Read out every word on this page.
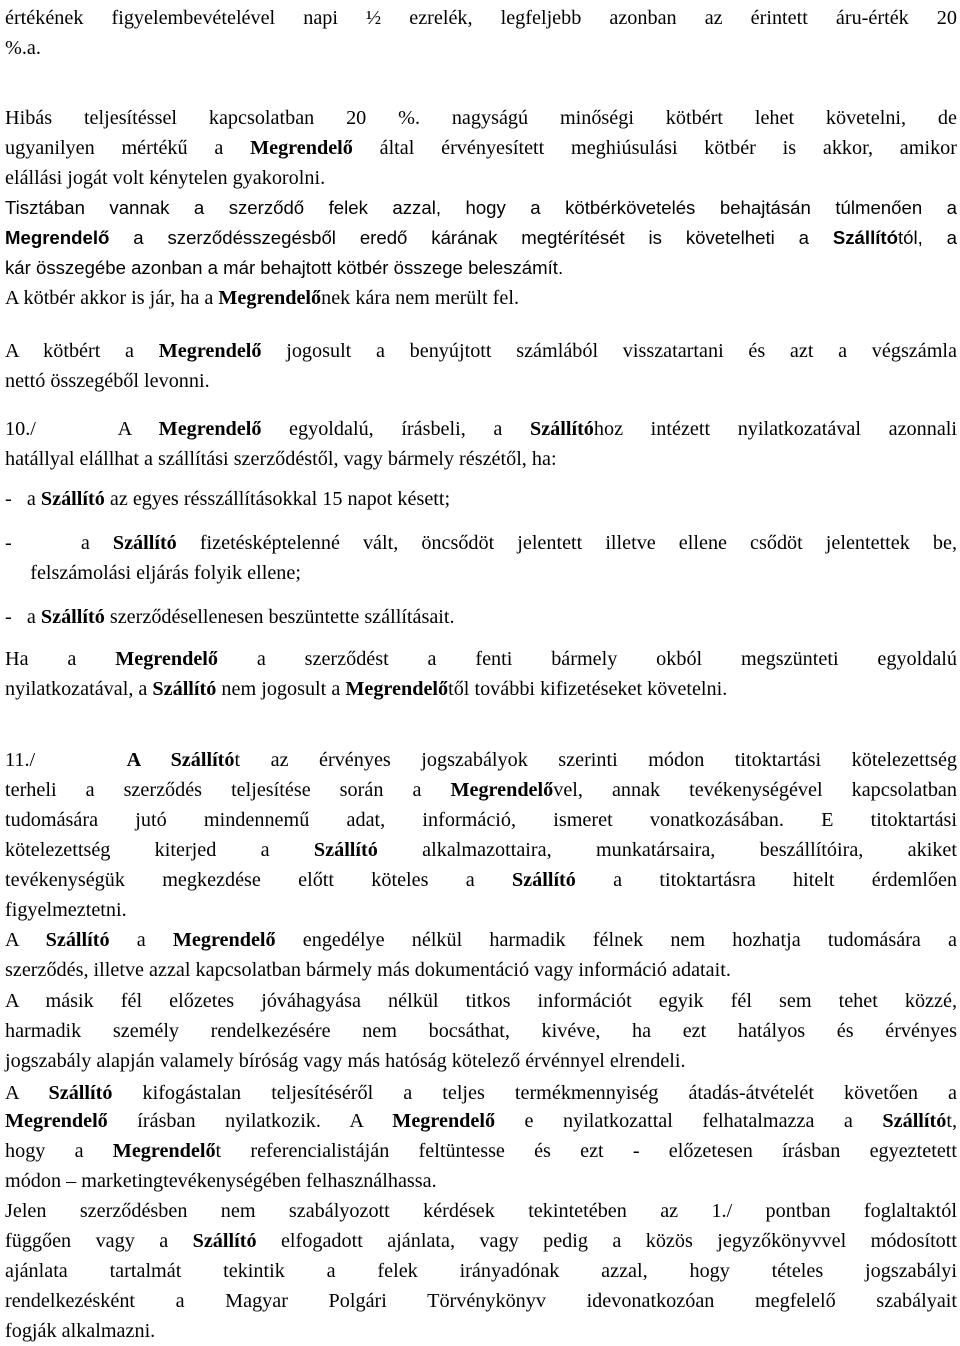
értékének figyelembevételével napi ½ ezrelék, legfeljebb azonban az érintett áru-érték 20
%.a.
Hibás teljesítéssel kapcsolatban 20 %. nagyságú minőségi kötbért lehet követelni, de
ugyanilyen mértékű a Megrendelő által érvényesített meghiúsulási kötbér is akkor, amikor
elállási jogát volt kénytelen gyakorolni.
Tisztában vannak a szerződő felek azzal, hogy a kötbérkövetelés behajtásán túlmenően a
Megrendelő a szerződésszegésből eredő kárának megtérítését is követelheti a Szállítótól, a
kár összegébe azonban a már behajtott kötbér összege beleszámít.
A kötbér akkor is jár, ha a Megrendelőnek kára nem merült fel.
A kötbért a Megrendelő jogosult a benyújtott számlából visszatartani és azt a végszámla
nettó összegéből levonni.
10./   A Megrendelő egyoldalú, írásbeli, a Szállítóhoz intézett nyilatkozatával azonnali
hatállyal elállhat a szállítási szerződéstől, vagy bármely részétől, ha:
-   a Szállító az egyes résszállításokkal 15 napot késett;
-   a Szállító fizetésképtelenné vált, öncsődöt jelentett illetve ellene csődöt jelentettek be,
felszámolási eljárás folyik ellene;
-   a Szállító szerződésellenesen beszüntette szállításait.
Ha a Megrendelő a szerződést a fenti bármely okból megszünteti egyoldalú
nyilatkozatával, a Szállító nem jogosult a Megrendelőtől további kifizetéseket követelni.
11./   A Szállítót az érvényes jogszabályok szerinti módon titoktartási kötelezettség
terheli a szerződés teljesítése során a Megrendelővel, annak tevékenységével kapcsolatban
tudomására jutó mindennemű adat, információ, ismeret vonatkozásában. E titoktartási
kötelezettség kiterjed a Szállító alkalmazottaira, munkatársaira, beszállítóira, akiket
tevékenységük megkezdése előtt köteles a Szállító a titoktartásra hitelt érdemlően
figyelmeztetni.
A Szállító a Megrendelő engedélye nélkül harmadik félnek nem hozhatja tudomására a
szerződés, illetve azzal kapcsolatban bármely más dokumentáció vagy információ adatait.
A másik fél előzetes jóváhagyása nélkül titkos információt egyik fél sem tehet közzé,
harmadik személy rendelkezésére nem bocsáthat, kivéve, ha ezt hatályos és érvényes
jogszabály alapján valamely bíróság vagy más hatóság kötelező érvénnyel elrendeli.
A Szállító kifogástalan teljesítéséről a teljes termékmennyiség átadás-átvételét követően a
Megrendelő írásban nyilatkozik. A Megrendelő e nyilatkozattal felhatalmazza a Szállítót,
hogy a Megrendelőt referencialistáján feltüntesse és ezt - előzetesen írásban egyeztetett
módon – marketingtevékenységében felhasználhassa.
Jelen szerződésben nem szabályozott kérdések tekintetében az 1./ pontban foglaltaktól
függően vagy a Szállító elfogadott ajánlata, vagy pedig a közös jegyzőkönyvvel módosított
ajánlata tartalmát tekintik a felek irányadónak azzal, hogy tételes jogszabályi
rendelkezésként a Magyar Polgári Törvénykönyv idevonatkozóan megfelelő szabályait
fogják alkalmazni.
